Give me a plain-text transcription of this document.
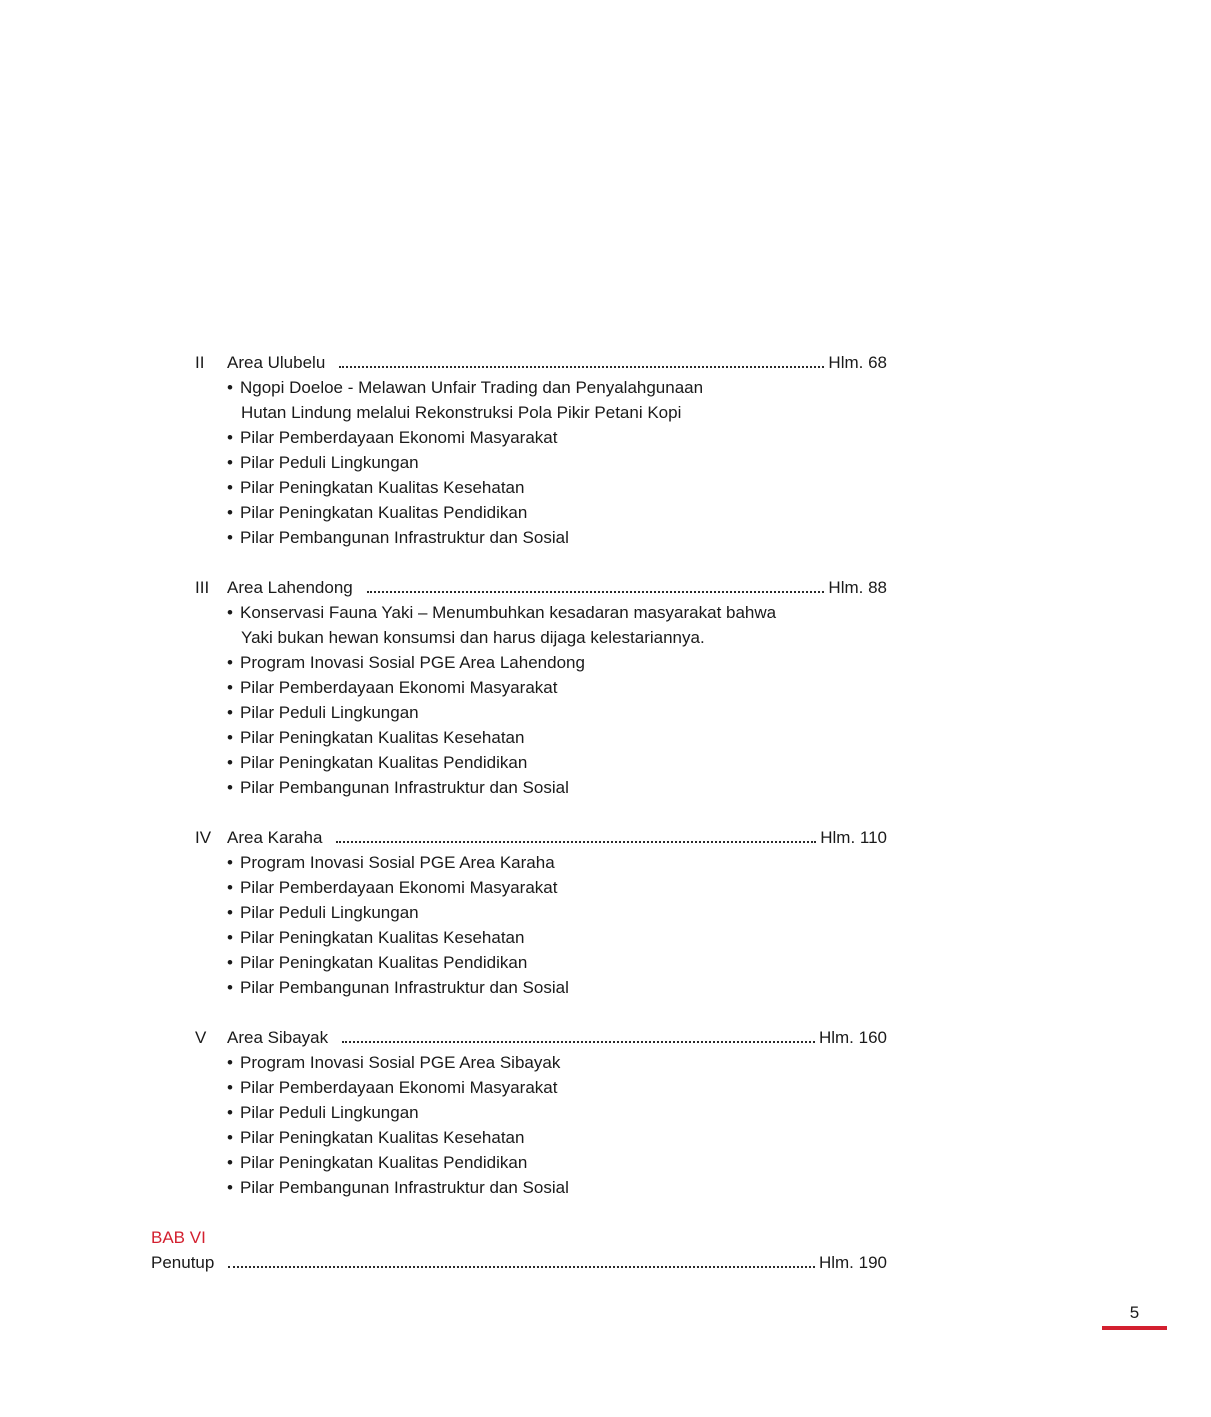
II	Area Ulubelu	Hlm. 68
• Ngopi Doeloe - Melawan Unfair Trading dan Penyalahgunaan
Hutan Lindung melalui Rekonstruksi Pola Pikir Petani Kopi
• Pilar Pemberdayaan Ekonomi Masyarakat
• Pilar Peduli Lingkungan
• Pilar Peningkatan Kualitas Kesehatan
• Pilar Peningkatan Kualitas Pendidikan
• Pilar Pembangunan Infrastruktur dan Sosial
III	Area Lahendong	Hlm. 88
• Konservasi Fauna Yaki – Menumbuhkan kesadaran masyarakat bahwa
Yaki bukan hewan konsumsi dan harus dijaga kelestariannya.
• Program Inovasi Sosial PGE Area Lahendong
• Pilar Pemberdayaan Ekonomi Masyarakat
• Pilar Peduli Lingkungan
• Pilar Peningkatan Kualitas Kesehatan
• Pilar Peningkatan Kualitas Pendidikan
• Pilar Pembangunan Infrastruktur dan Sosial
IV Area Karaha	Hlm. 110
• Program Inovasi Sosial PGE Area Karaha
• Pilar Pemberdayaan Ekonomi Masyarakat
• Pilar Peduli Lingkungan
• Pilar Peningkatan Kualitas Kesehatan
• Pilar Peningkatan Kualitas Pendidikan
• Pilar Pembangunan Infrastruktur dan Sosial
V	Area Sibayak	Hlm. 160
• Program Inovasi Sosial PGE Area Sibayak
• Pilar Pemberdayaan Ekonomi Masyarakat
• Pilar Peduli Lingkungan
• Pilar Peningkatan Kualitas Kesehatan
• Pilar Peningkatan Kualitas Pendidikan
• Pilar Pembangunan Infrastruktur dan Sosial
BAB VI
Penutup	Hlm. 190
5
